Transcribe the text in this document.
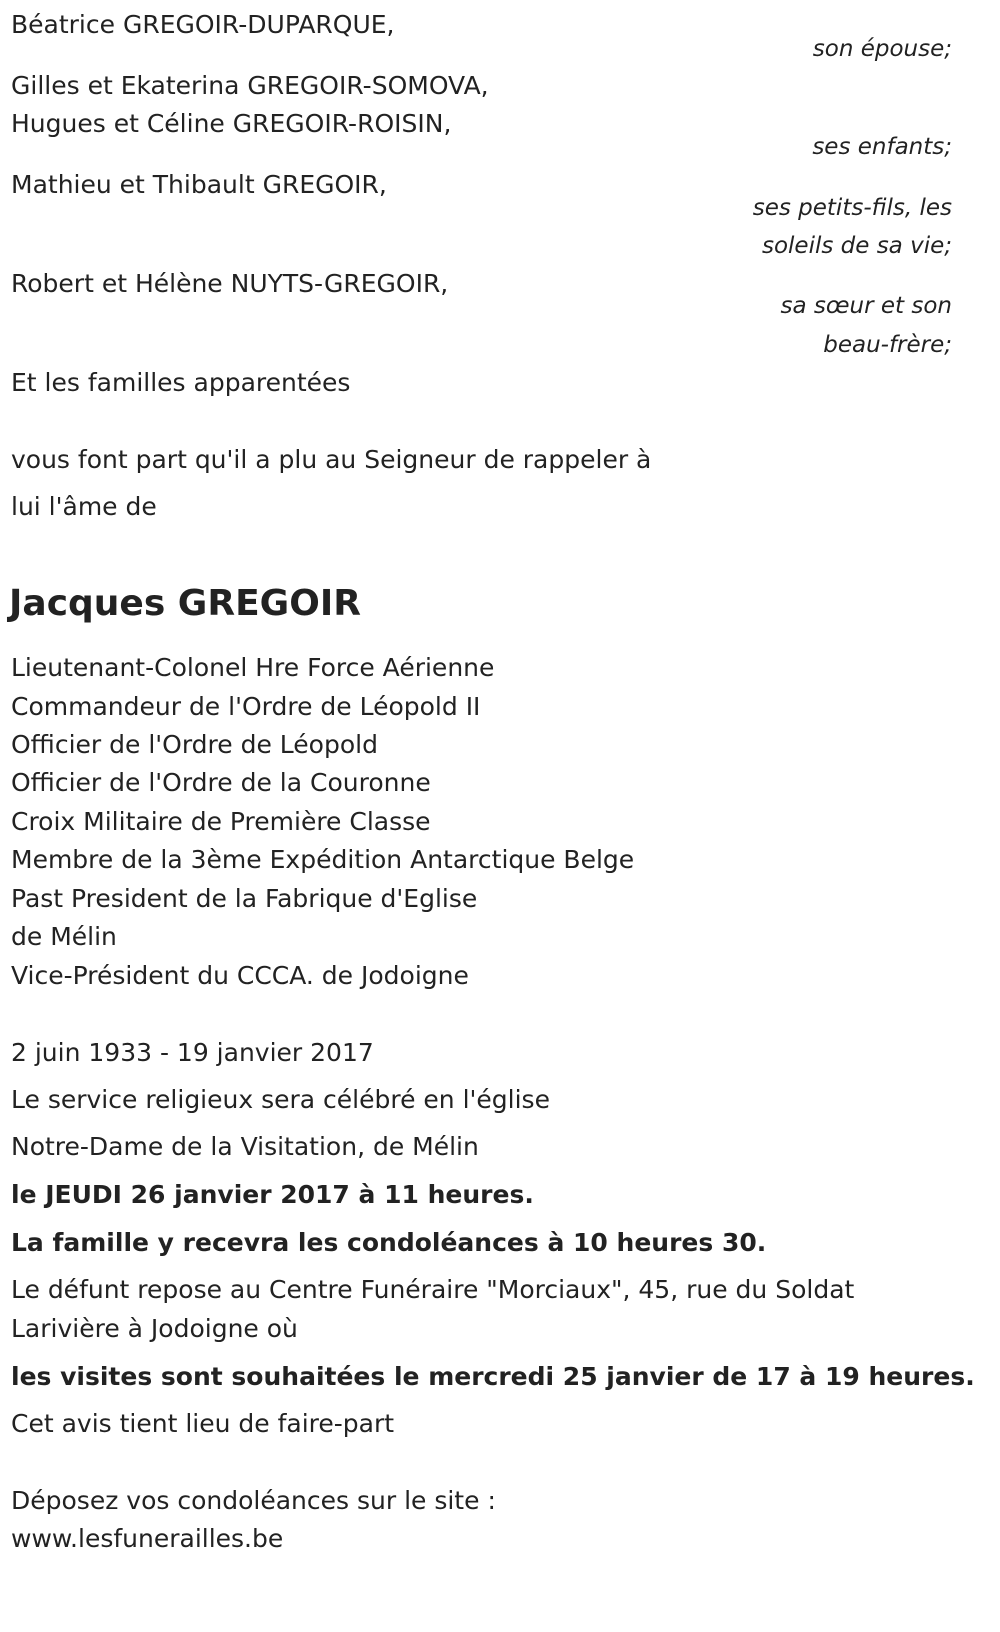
Béatrice GREGOIR-DUPARQUE,
son épouse;
Gilles et Ekaterina GREGOIR-SOMOVA,
Hugues et Céline GREGOIR-ROISIN,
ses enfants;
Mathieu et Thibault GREGOIR,
ses petits-fils, les
soleils de sa vie;
Robert et Hélène NUYTS-GREGOIR,
sa sœur et son
beau-frère;
Et les familles apparentées
vous font part qu'il a plu au Seigneur de rappeler à
lui l'âme de
Jacques GREGOIR
Lieutenant-Colonel Hre Force Aérienne
Commandeur de l'Ordre de Léopold II
Officier de l'Ordre de Léopold
Officier de l'Ordre de la Couronne
Croix Militaire de Première Classe
Membre de la 3ème Expédition Antarctique Belge
Past President de la Fabrique d'Eglise
de Mélin
Vice-Président du CCCA. de Jodoigne
2 juin 1933 - 19 janvier 2017
Le service religieux sera célébré en l'église
Notre-Dame de la Visitation, de Mélin
le JEUDI 26 janvier 2017 à 11 heures.
La famille y recevra les condoléances à 10 heures 30.
Le défunt repose au Centre Funéraire "Morciaux", 45, rue du Soldat
Larivière à Jodoigne où
les visites sont souhaitées le mercredi 25 janvier de 17 à 19 heures.
Cet avis tient lieu de faire-part
Déposez vos condoléances sur le site :
www.lesfunerailles.be
